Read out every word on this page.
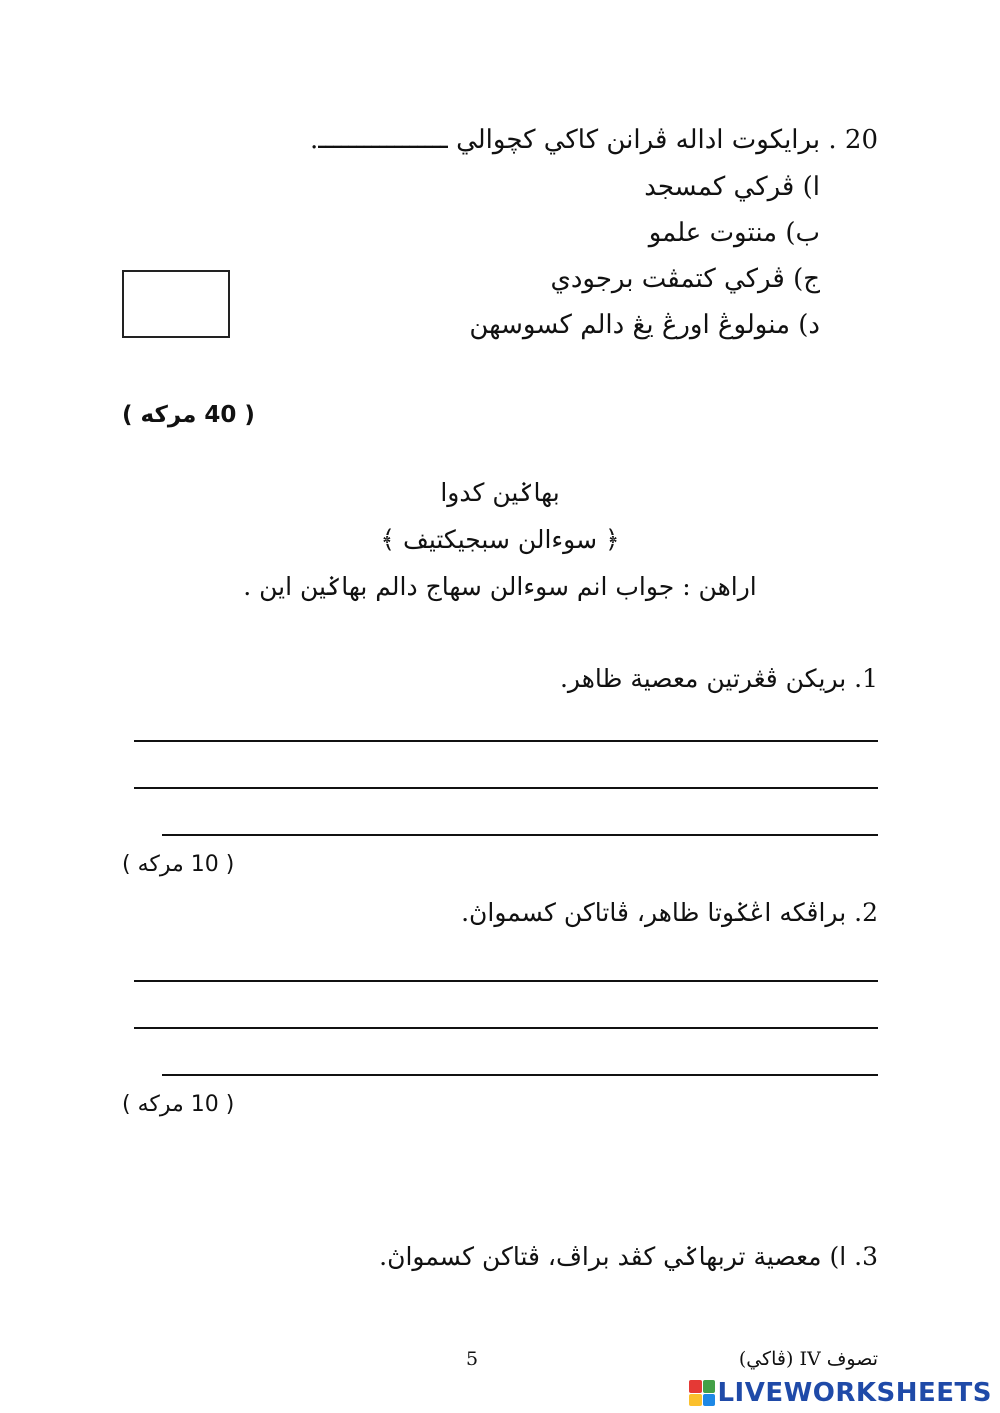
20 . برايكوت اداله ڤرانن كاكي كچوالي ـــــــــــــــــ.
ا) ڤركي كمسجد
ب) منتوت علمو
ج) ڤركي كتمڤت برجودي
د) منولوڠ اورڠ يڠ دالم كسوسهن
( 40 مركه )
بهاݢين كدوا
﴿ سوءالن سبجيكتيف ﴾
اراهن : جواب انم سوءالن سهاج دالم بهاݢين اين .
1. بريكن ڤڠرتين معصية ظاهر.
( 10 مركه )
2. براڤكه اڠݢوتا ظاهر، ڤاتاكن كسمواڽ.
( 10 مركه )
3. ا) معصية تربهاݢي كڤد براڤ، ڤتاكن كسمواڽ.
5	تصوف IV (ڤاكي)
LIVEWORKSHEETS
